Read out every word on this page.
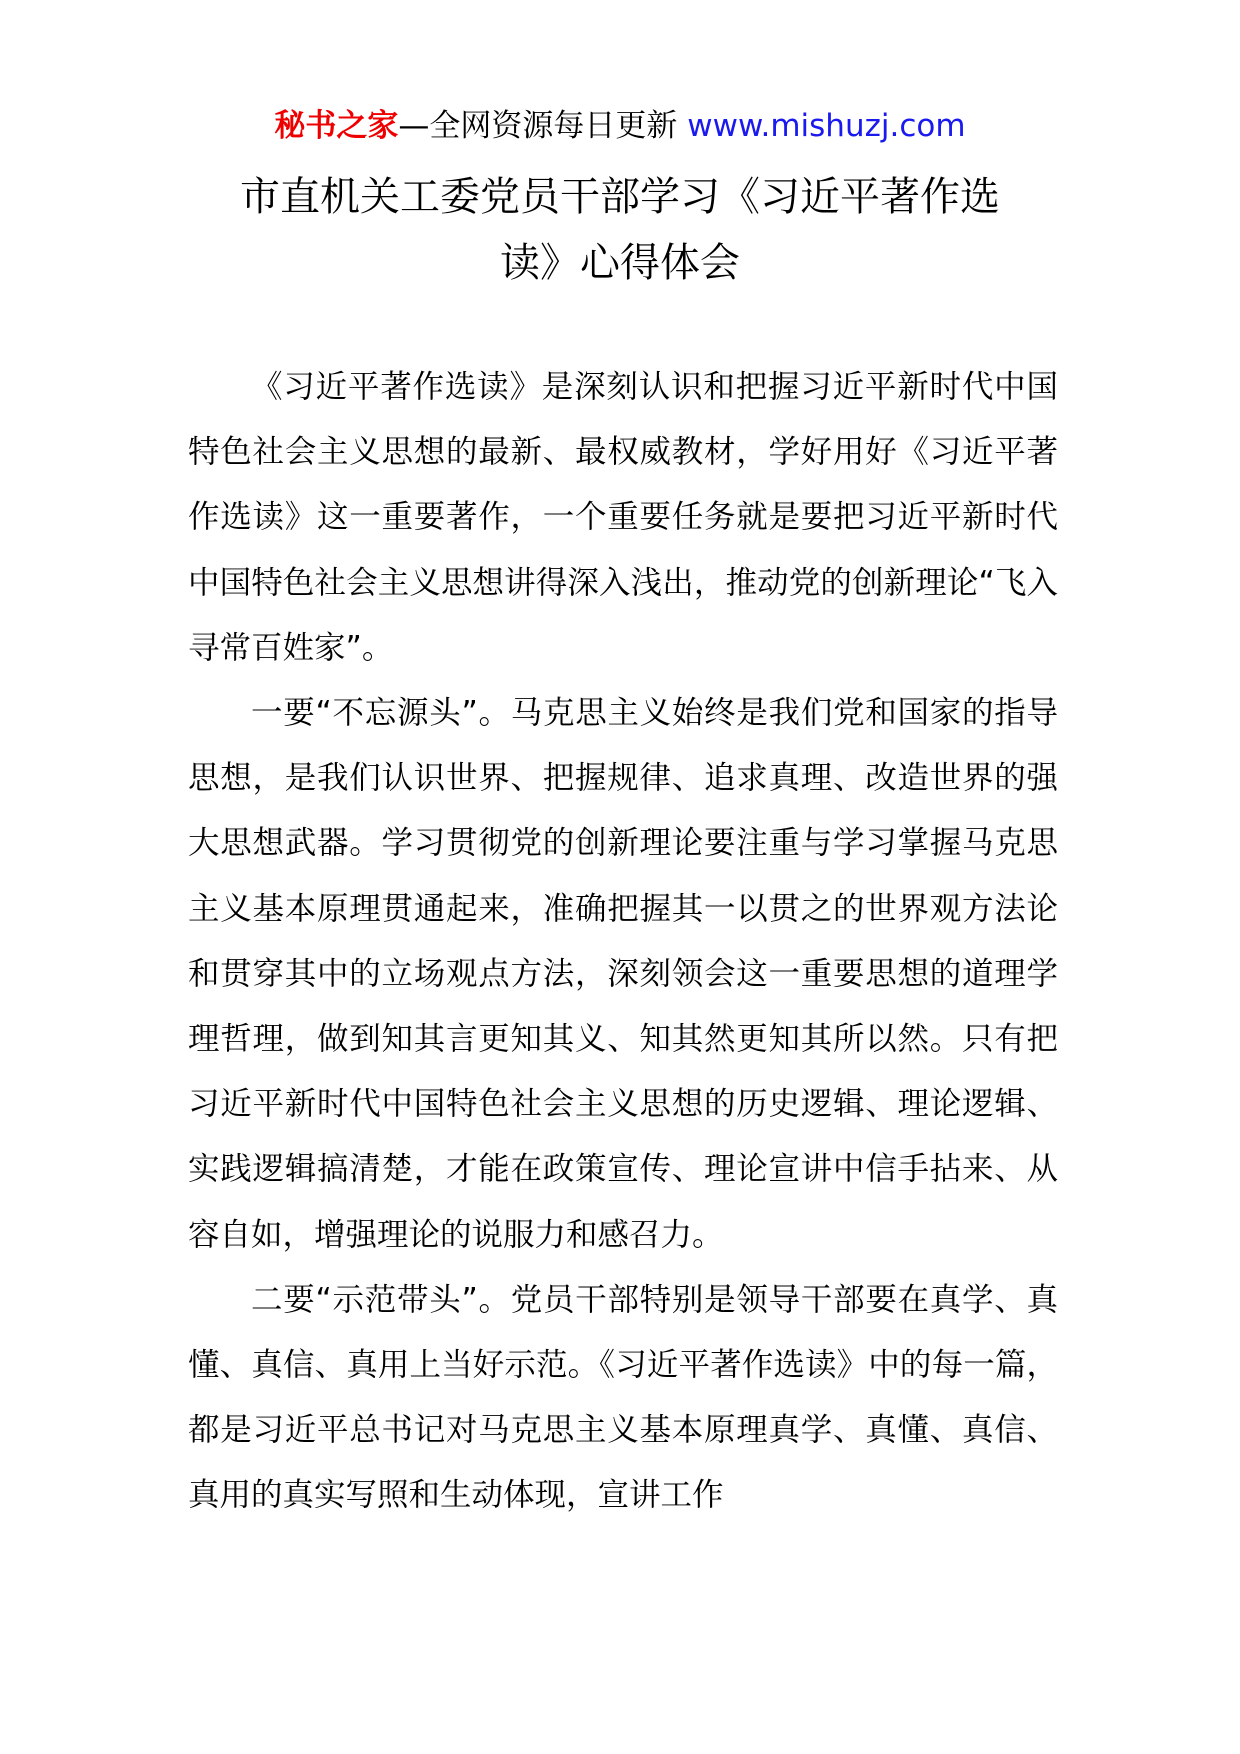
秘书之家—全网资源每日更新 www.mishuzj.com
市直机关工委党员干部学习《习近平著作选
读》心得体会

《习近平著作选读》是深刻认识和把握习近平新时代中国特色社会主义思想的最新、最权威教材，学好用好《习近平著作选读》这一重要著作，一个重要任务就是要把习近平新时代中国特色社会主义思想讲得深入浅出，推动党的创新理论“飞入寻常百姓家”。

一要“不忘源头”。马克思主义始终是我们党和国家的指导思想，是我们认识世界、把握规律、追求真理、改造世界的强大思想武器。学习贯彻党的创新理论要注重与学习掌握马克思主义基本原理贯通起来，准确把握其一以贯之的世界观方法论和贯穿其中的立场观点方法，深刻领会这一重要思想的道理学理哲理，做到知其言更知其义、知其然更知其所以然。只有把习近平新时代中国特色社会主义思想的历史逻辑、理论逻辑、实践逻辑搞清楚，才能在政策宣传、理论宣讲中信手拈来、从容自如，增强理论的说服力和感召力。

二要“示范带头”。党员干部特别是领导干部要在真学、真懂、真信、真用上当好示范。《习近平著作选读》中的每一篇，都是习近平总书记对马克思主义基本原理真学、真懂、真信、真用的真实写照和生动体现，宣讲工作
